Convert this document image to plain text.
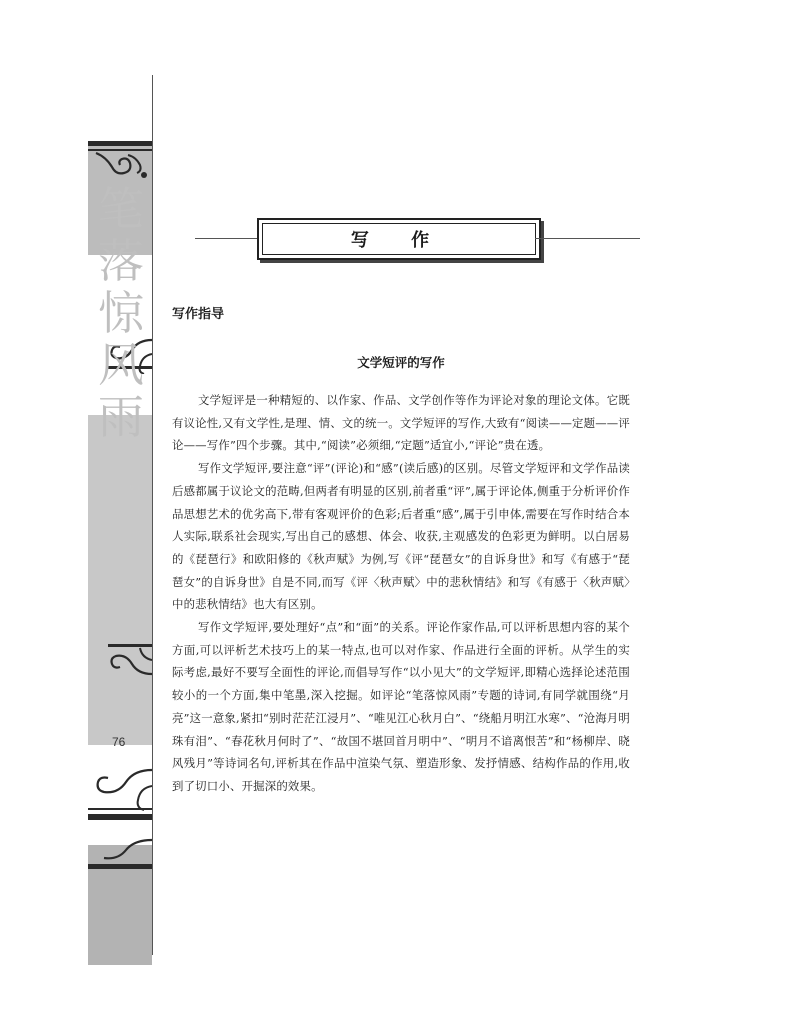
笔
落
惊
风
雨
76
写 作
写作指导
文学短评的写作

文学短评是一种精短的、以作家、作品、文学创作等作为评论对象的理论文体。它既有议论性,又有文学性,是理、情、文的统一。文学短评的写作,大致有“阅读——定题——评论——写作”四个步骤。其中,“阅读”必须细,“定题”适宜小,“评论”贵在透。

写作文学短评,要注意“评”(评论)和“感”(读后感)的区别。尽管文学短评和文学作品读后感都属于议论文的范畴,但两者有明显的区别,前者重“评”,属于评论体,侧重于分析评价作品思想艺术的优劣高下,带有客观评价的色彩;后者重“感”,属于引申体,需要在写作时结合本人实际,联系社会现实,写出自己的感想、体会、收获,主观感发的色彩更为鲜明。以白居易的《琵琶行》和欧阳修的《秋声赋》为例,写《评“琵琶女”的自诉身世》和写《有感于“琵琶女”的自诉身世》自是不同,而写《评〈秋声赋〉中的悲秋情结》和写《有感于〈秋声赋〉中的悲秋情结》也大有区别。

写作文学短评,要处理好“点”和“面”的关系。评论作家作品,可以评析思想内容的某个方面,可以评析艺术技巧上的某一特点,也可以对作家、作品进行全面的评析。从学生的实际考虑,最好不要写全面性的评论,而倡导写作“以小见大”的文学短评,即精心选择论述范围较小的一个方面,集中笔墨,深入挖掘。如评论“笔落惊风雨”专题的诗词,有同学就围绕“月亮”这一意象,紧扣“别时茫茫江浸月”、“唯见江心秋月白”、“绕船月明江水寒”、“沧海月明珠有泪”、“春花秋月何时了”、“故国不堪回首月明中”、“明月不谙离恨苦”和“杨柳岸、晓风残月”等诗词名句,评析其在作品中渲染气氛、塑造形象、发抒情感、结构作品的作用,收到了切口小、开掘深的效果。
